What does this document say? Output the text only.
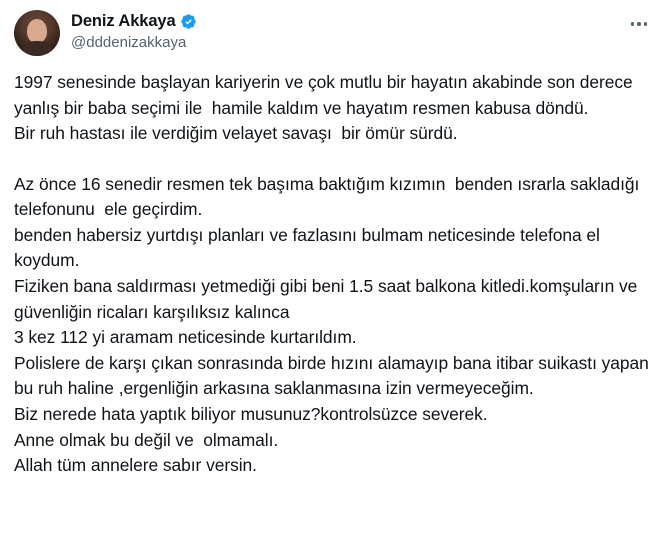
Deniz Akkaya
@dddenizakkaya

1997 senesinde başlayan kariyerin ve çok mutlu bir hayatın akabinde son derece yanlış bir baba seçimi ile  hamile kaldım ve hayatım resmen kabusa döndü.

Bir ruh hastası ile verdiğim velayet savaşı  bir ömür sürdü.

Az önce 16 senedir resmen tek başıma baktığım kızımın  benden ısrarla sakladığı telefonunu  ele geçirdim.

benden habersiz yurtdışı planları ve fazlasını bulmam neticesinde telefona el koydum.

Fiziken bana saldırması yetmediği gibi beni 1.5 saat balkona kitledi.komşuların ve güvenliğin ricaları karşılıksız kalınca

3 kez 112 yi aramam neticesinde kurtarıldım.

Polislere de karşı çıkan sonrasında birde hızını alamayıp bana itibar suikastı yapan bu ruh haline ,ergenliğin arkasına saklanmasına izin vermeyeceğim.

Biz nerede hata yaptık biliyor musunuz?kontrolsüzce severek.

Anne olmak bu değil ve  olmamalı.

Allah tüm annelere sabır versin.
